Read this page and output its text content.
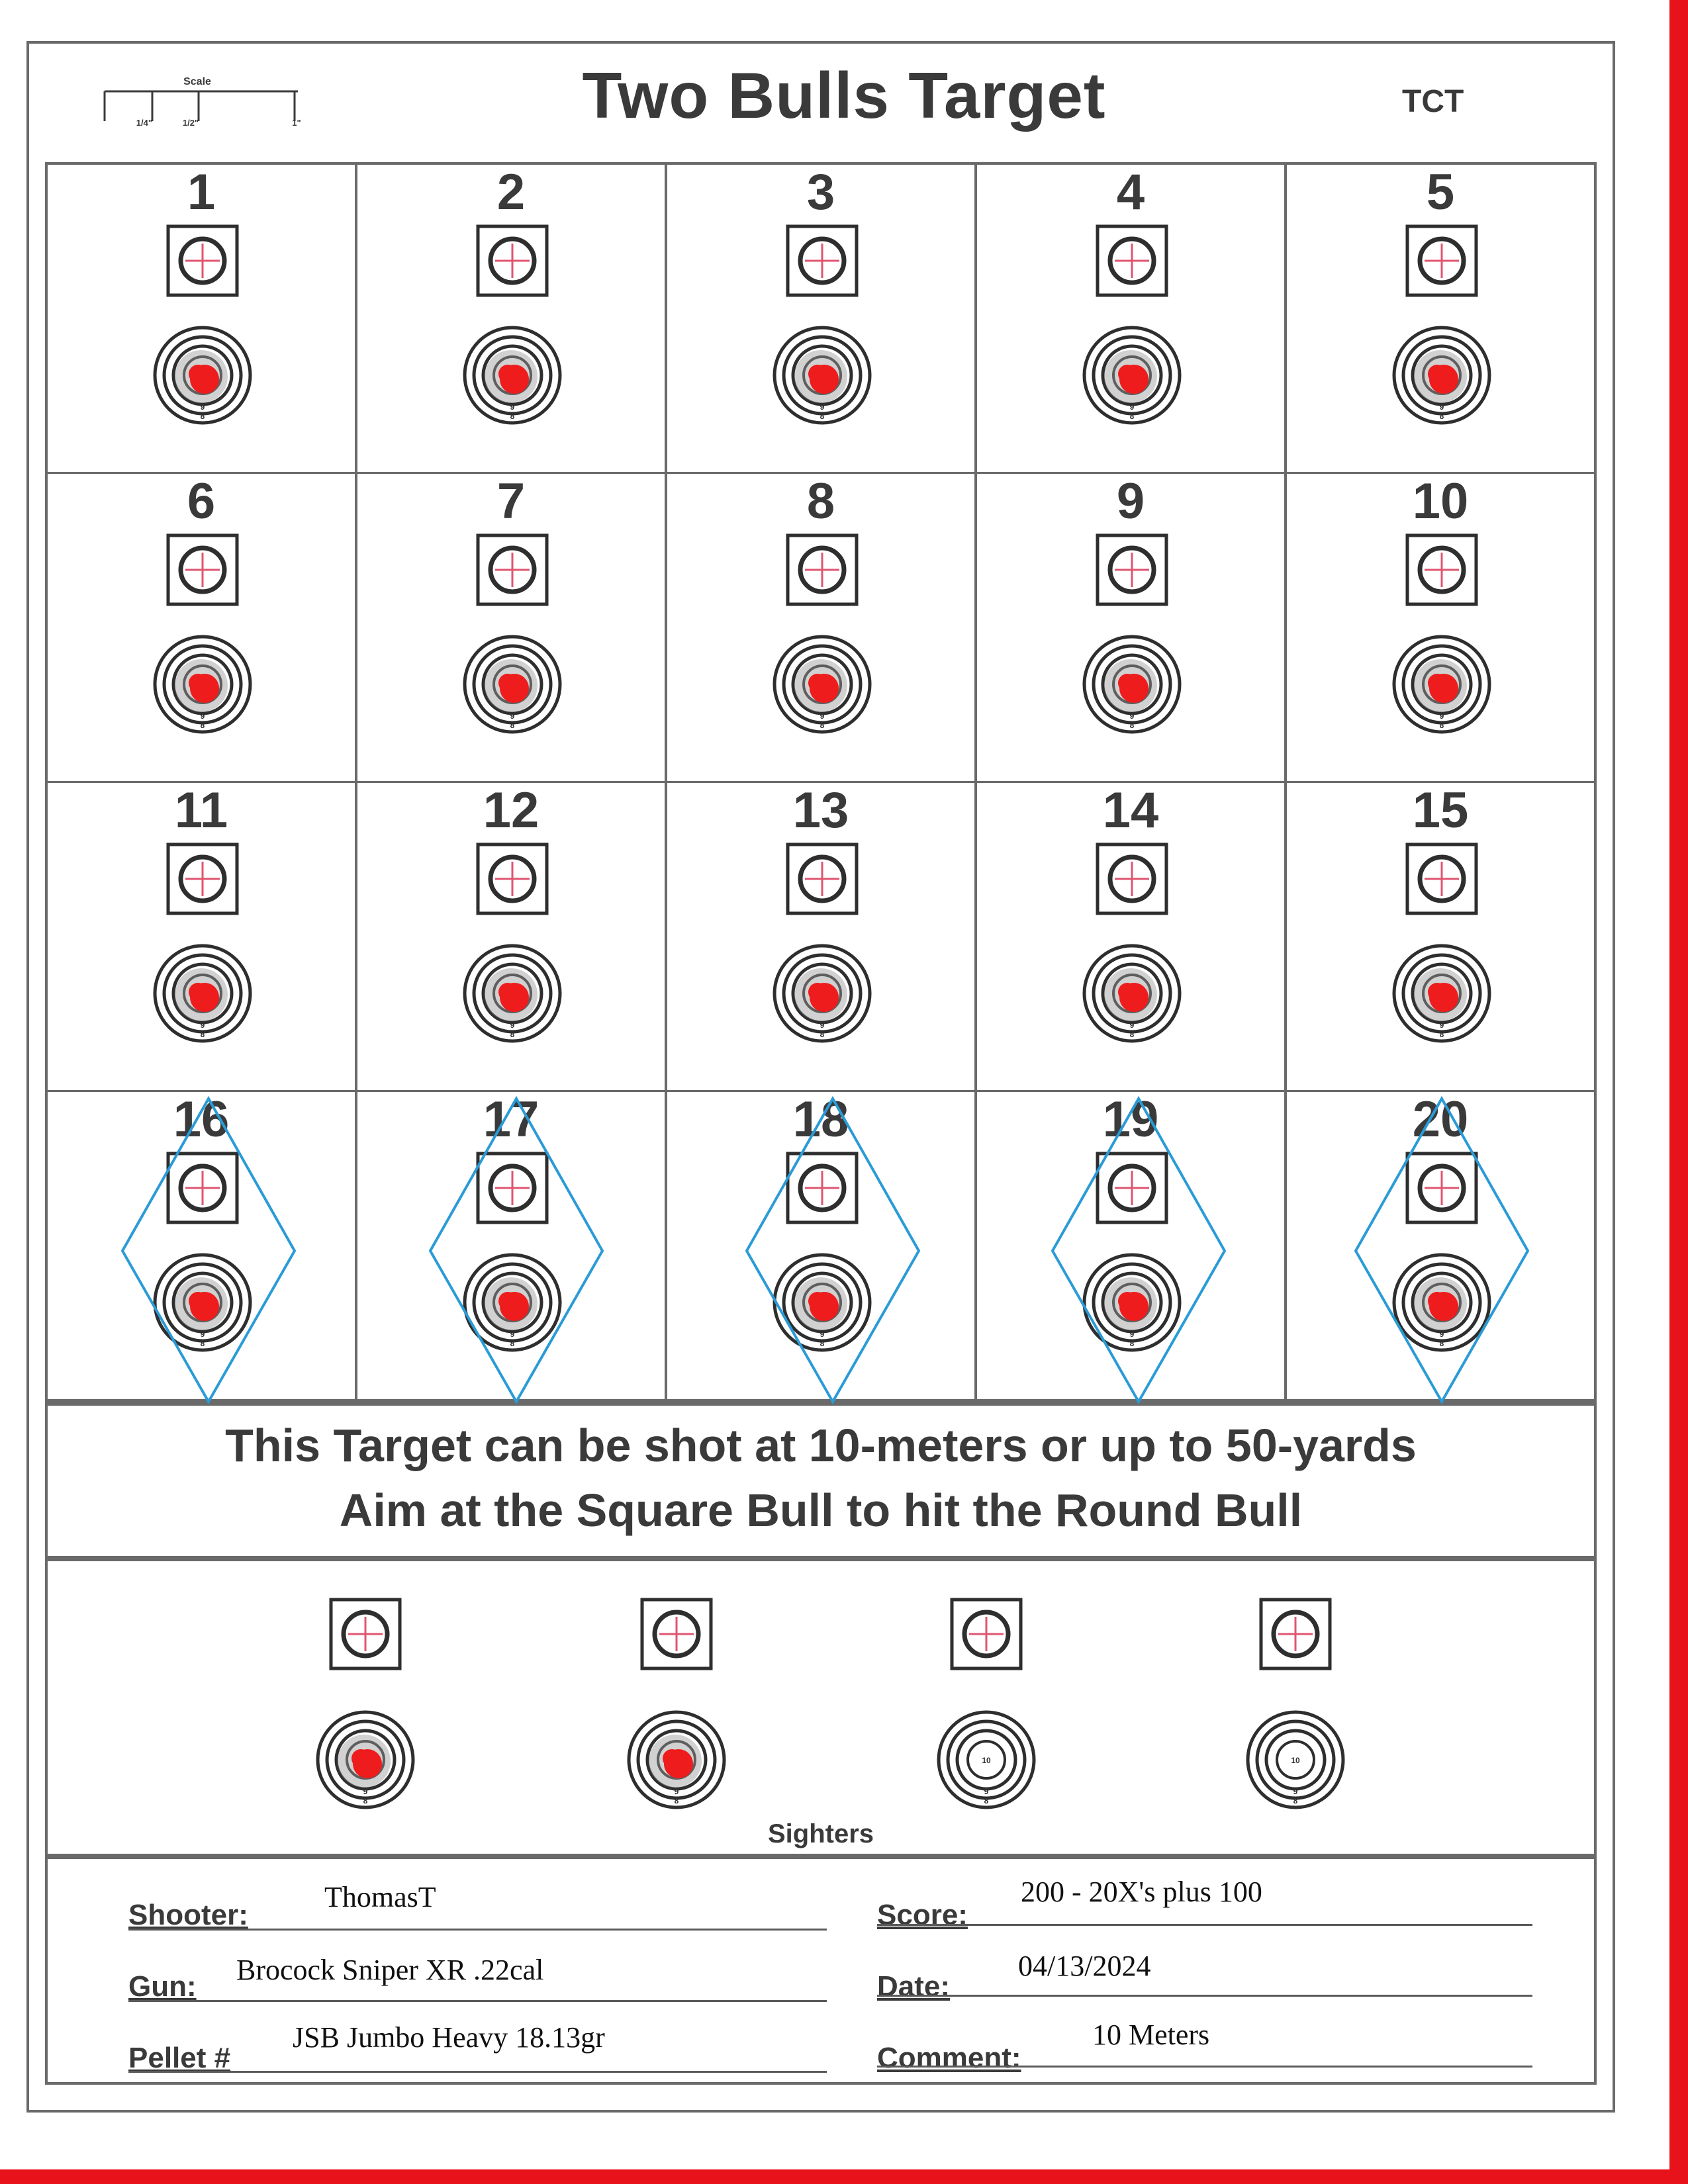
Scale
1/4"	1/2"	1"	Two Bulls Target	TCT
1
9
8
2
9
8
3
9
8
4
9
8
5
9
8
6
9
8
7
9
8
8
9
8
9
9
8
10
9
8
11
9
8
12
9
8
13
9
8
14
9
8
15
9
8
16
9
8
17
9
8
18
9
8
19
9
8
20
9
8
This Target can be shot at 10-meters or up to 50-yards
Aim at the Square Bull to hit the Round Bull
Sighters
9
8
9
8
10
9
8
10
9
8
Shooter:
ThomasT
Gun:
Brocock Sniper XR .22cal
Pellet #
JSB Jumbo Heavy 18.13gr
Score:
200 - 20X's plus 100
Date:
04/13/2024
Comment:
10 Meters
